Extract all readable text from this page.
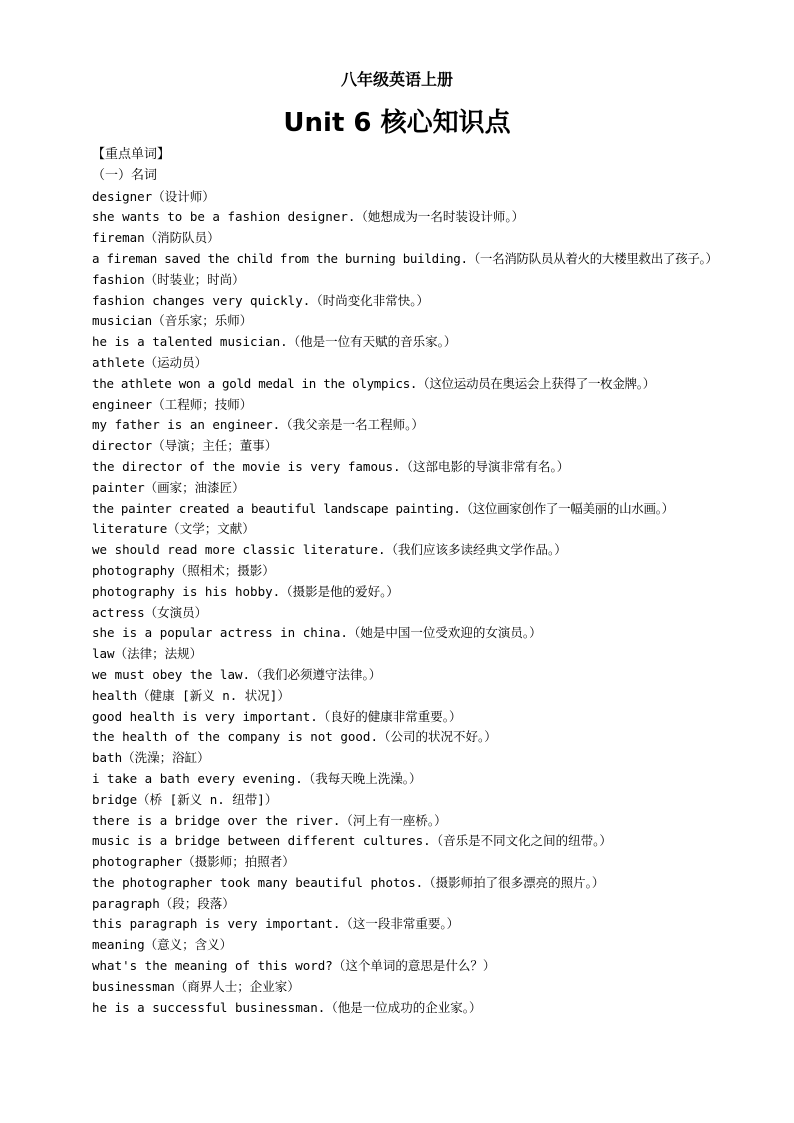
八年级英语上册
Unit 6 核心知识点

【重点单词】

（一）名词

designer（设计师）

she wants to be a fashion designer.（她想成为一名时装设计师。）

fireman（消防队员）

a fireman saved the child from the burning building.（一名消防队员从着火的大楼里救出了孩子。）

fashion（时装业；时尚）

fashion changes very quickly.（时尚变化非常快。）

musician（音乐家；乐师）

he is a talented musician.（他是一位有天赋的音乐家。）

athlete（运动员）

the athlete won a gold medal in the olympics.（这位运动员在奥运会上获得了一枚金牌。）

engineer（工程师；技师）

my father is an engineer.（我父亲是一名工程师。）

director（导演；主任；董事）

the director of the movie is very famous.（这部电影的导演非常有名。）

painter（画家；油漆匠）

the painter created a beautiful landscape painting.（这位画家创作了一幅美丽的山水画。）

literature（文学；文献）

we should read more classic literature.（我们应该多读经典文学作品。）

photography（照相术；摄影）

photography is his hobby.（摄影是他的爱好。）

actress（女演员）

she is a popular actress in china.（她是中国一位受欢迎的女演员。）

law（法律；法规）

we must obey the law.（我们必须遵守法律。）

health（健康 [新义 n. 状况]）

good health is very important.（良好的健康非常重要。）

the health of the company is not good.（公司的状况不好。）

bath（洗澡；浴缸）

i take a bath every evening.（我每天晚上洗澡。）

bridge（桥 [新义 n. 纽带]）

there is a bridge over the river.（河上有一座桥。）

music is a bridge between different cultures.（音乐是不同文化之间的纽带。）

photographer（摄影师；拍照者）

the photographer took many beautiful photos.（摄影师拍了很多漂亮的照片。）

paragraph（段；段落）

this paragraph is very important.（这一段非常重要。）

meaning（意义；含义）

what's the meaning of this word?（这个单词的意思是什么？）

businessman（商界人士；企业家）

he is a successful businessman.（他是一位成功的企业家。）
